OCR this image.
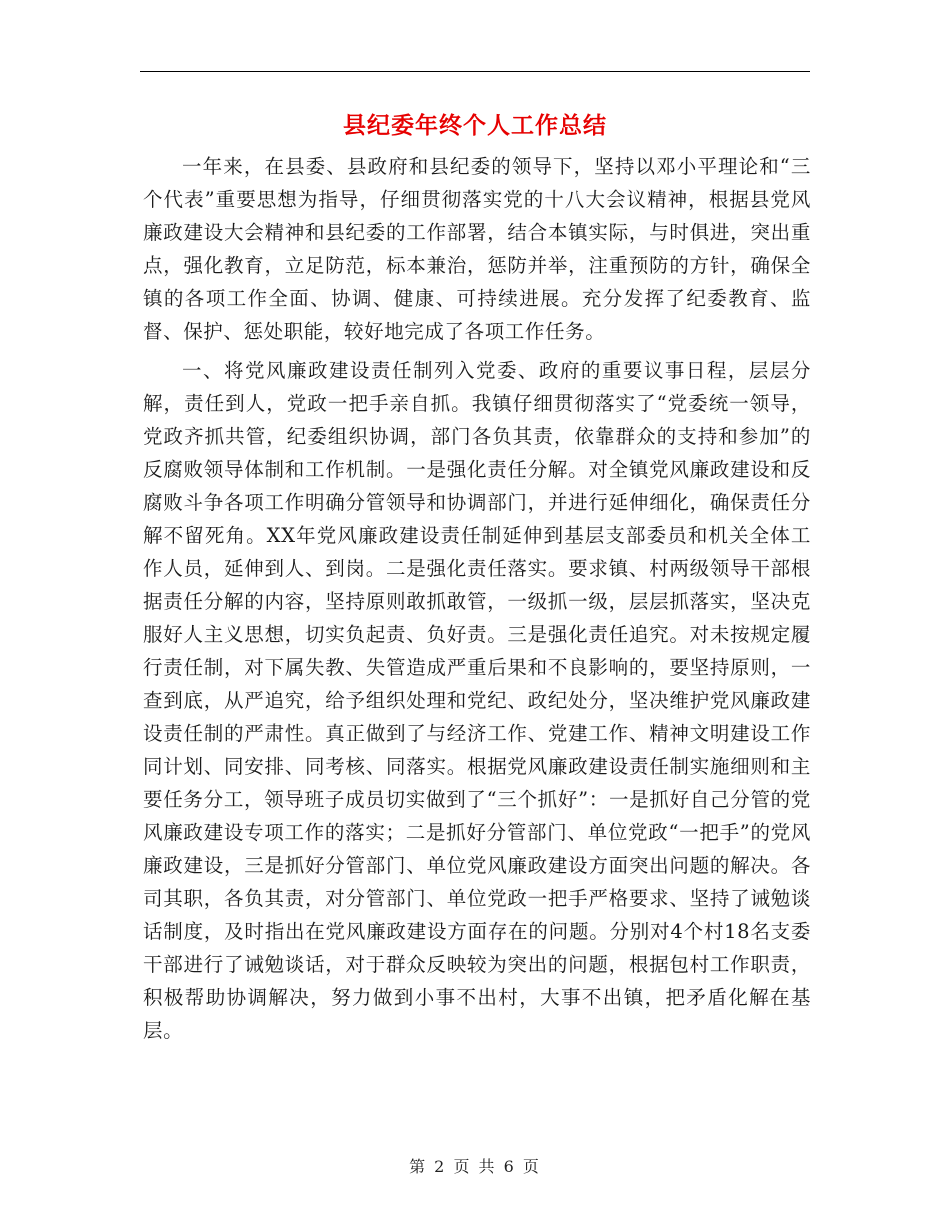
县纪委年终个人工作总结

一年来，在县委、县政府和县纪委的领导下，坚持以邓小平理论和“三个代表”重要思想为指导，仔细贯彻落实党的十八大会议精神，根据县党风廉政建设大会精神和县纪委的工作部署，结合本镇实际，与时俱进，突出重点，强化教育，立足防范，标本兼治，惩防并举，注重预防的方针，确保全镇的各项工作全面、协调、健康、可持续进展。充分发挥了纪委教育、监督、保护、惩处职能，较好地完成了各项工作任务。

一、将党风廉政建设责任制列入党委、政府的重要议事日程，层层分解，责任到人，党政一把手亲自抓。我镇仔细贯彻落实了“党委统一领导，党政齐抓共管，纪委组织协调，部门各负其责，依靠群众的支持和参加”的反腐败领导体制和工作机制。一是强化责任分解。对全镇党风廉政建设和反腐败斗争各项工作明确分管领导和协调部门，并进行延伸细化，确保责任分解不留死角。XX年党风廉政建设责任制延伸到基层支部委员和机关全体工作人员，延伸到人、到岗。二是强化责任落实。要求镇、村两级领导干部根据责任分解的内容，坚持原则敢抓敢管，一级抓一级，层层抓落实，坚决克服好人主义思想，切实负起责、负好责。三是强化责任追究。对未按规定履行责任制，对下属失教、失管造成严重后果和不良影响的，要坚持原则，一查到底，从严追究，给予组织处理和党纪、政纪处分，坚决维护党风廉政建设责任制的严肃性。真正做到了与经济工作、党建工作、精神文明建设工作同计划、同安排、同考核、同落实。根据党风廉政建设责任制实施细则和主要任务分工，领导班子成员切实做到了“三个抓好”：一是抓好自己分管的党风廉政建设专项工作的落实；二是抓好分管部门、单位党政“一把手”的党风廉政建设，三是抓好分管部门、单位党风廉政建设方面突出问题的解决。各司其职，各负其责，对分管部门、单位党政一把手严格要求、坚持了诫勉谈话制度，及时指出在党风廉政建设方面存在的问题。分别对4个村18名支委干部进行了诫勉谈话，对于群众反映较为突出的问题，根据包村工作职责，积极帮助协调解决，努力做到小事不出村，大事不出镇，把矛盾化解在基层。

第 2 页 共 6 页
